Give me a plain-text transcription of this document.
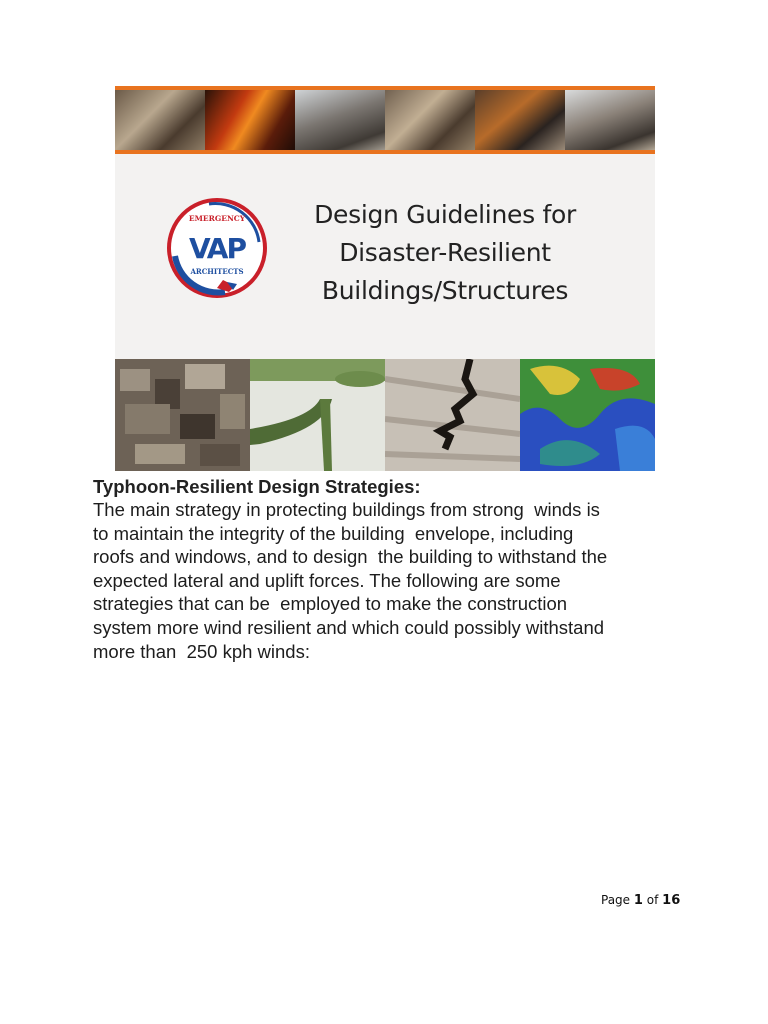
EMERGENCY
VAP
ARCHITECTS
Design Guidelines for
Disaster-Resilient
Buildings/Structures
Typhoon-Resilient Design Strategies:
The main strategy in protecting buildings from strong  winds is
to maintain the integrity of the building  envelope, including
roofs and windows, and to design  the building to withstand the
expected lateral and uplift forces. The following are some
strategies that can be  employed to make the construction
system more wind resilient and which could possibly withstand
more than  250 kph winds:
Page 1 of 16
